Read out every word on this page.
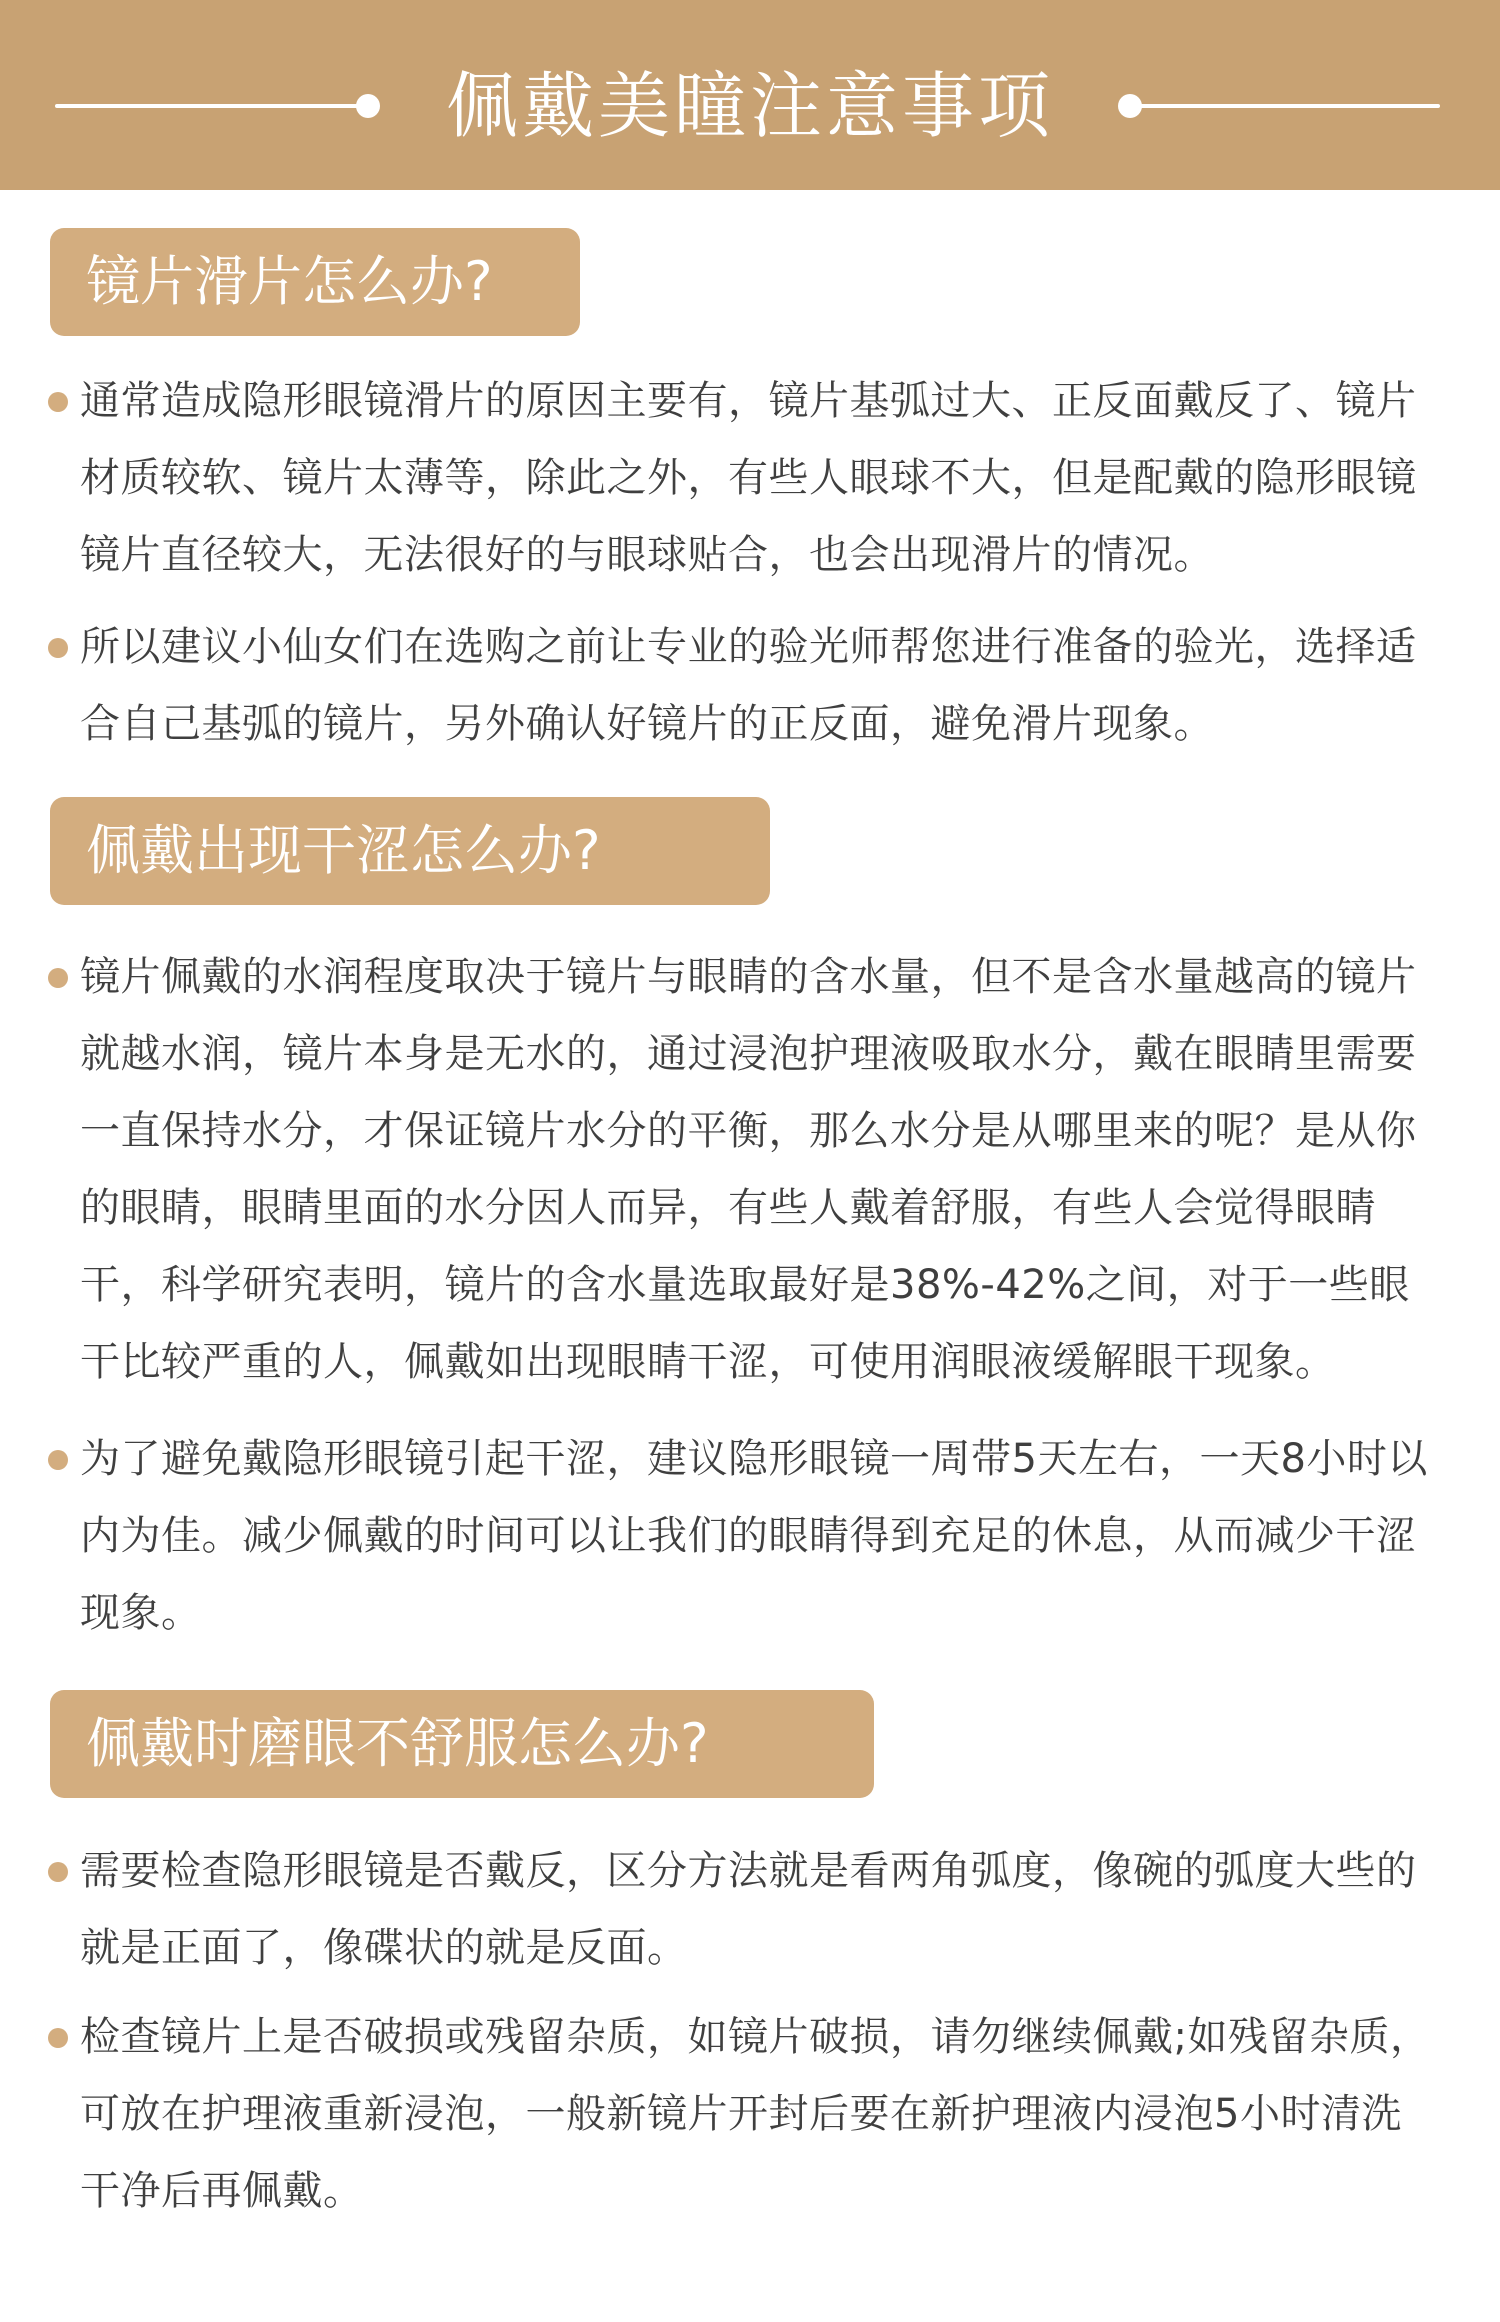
佩戴美瞳注意事项
镜片滑片怎么办?
通常造成隐形眼镜滑片的原因主要有，镜片基弧过大、正反面戴反了、镜片材质较软、镜片太薄等，除此之外，有些人眼球不大，但是配戴的隐形眼镜镜片直径较大，无法很好的与眼球贴合，也会出现滑片的情况。
所以建议小仙女们在选购之前让专业的验光师帮您进行准备的验光，选择适合自己基弧的镜片，另外确认好镜片的正反面，避免滑片现象。
佩戴出现干涩怎么办?
镜片佩戴的水润程度取决于镜片与眼睛的含水量，但不是含水量越高的镜片就越水润，镜片本身是无水的，通过浸泡护理液吸取水分，戴在眼睛里需要一直保持水分，才保证镜片水分的平衡，那么水分是从哪里来的呢？是从你的眼睛，眼睛里面的水分因人而异，有些人戴着舒服，有些人会觉得眼睛干，科学研究表明，镜片的含水量选取最好是38%-42%之间，对于一些眼干比较严重的人，佩戴如出现眼睛干涩，可使用润眼液缓解眼干现象。
为了避免戴隐形眼镜引起干涩，建议隐形眼镜一周带5天左右，一天8小时以内为佳。减少佩戴的时间可以让我们的眼睛得到充足的休息，从而减少干涩现象。
佩戴时磨眼不舒服怎么办?
需要检查隐形眼镜是否戴反，区分方法就是看两角弧度，像碗的弧度大些的就是正面了，像碟状的就是反面。
检查镜片上是否破损或残留杂质，如镜片破损，请勿继续佩戴;如残留杂质，可放在护理液重新浸泡，一般新镜片开封后要在新护理液内浸泡5小时清洗干净后再佩戴。
